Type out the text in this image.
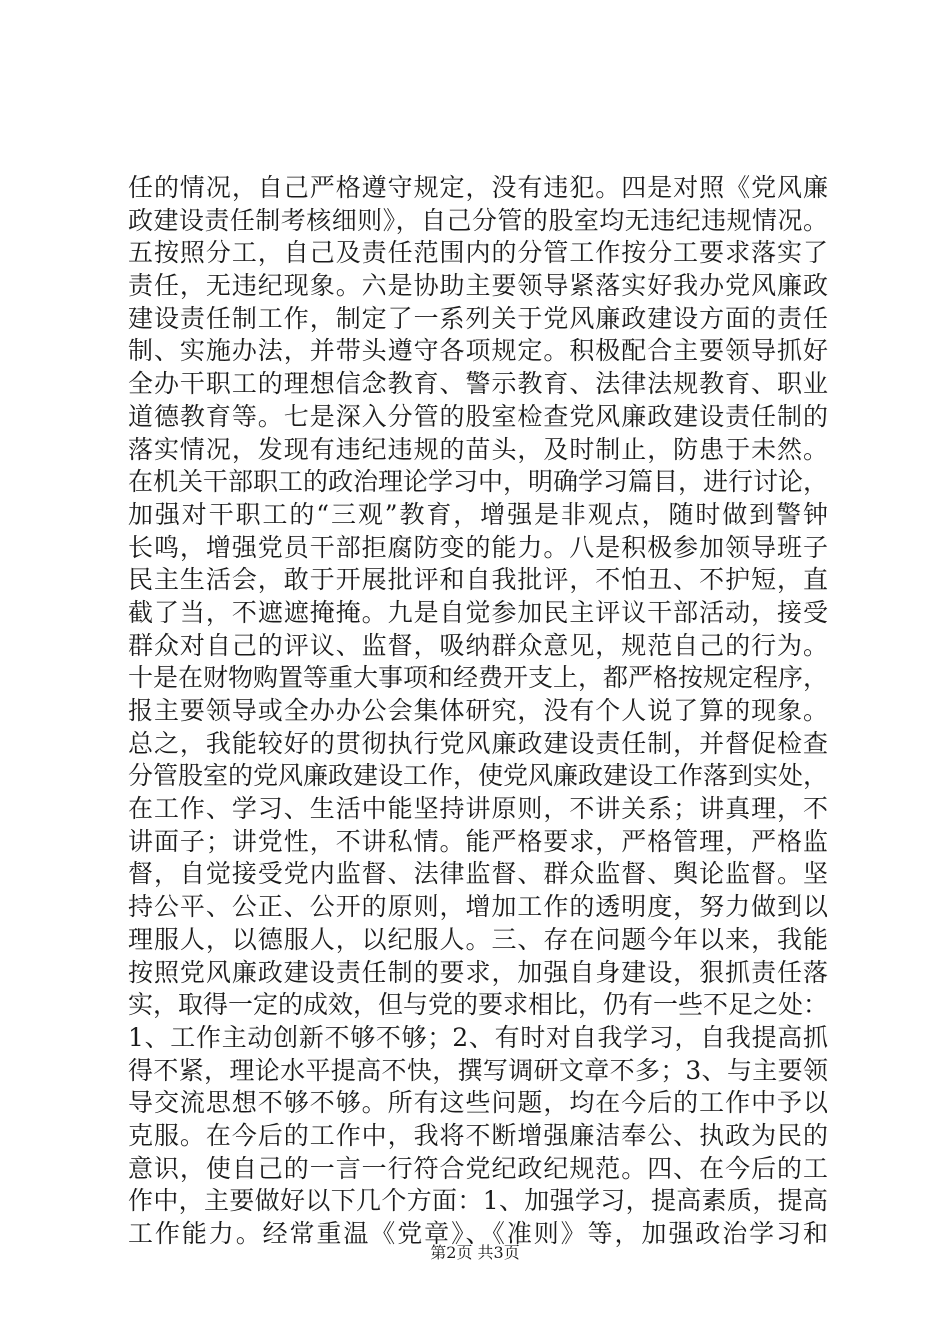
任的情况，自己严格遵守规定，没有违犯。四是对照《党风廉
政建设责任制考核细则》，自己分管的股室均无违纪违规情况。
五按照分工，自己及责任范围内的分管工作按分工要求落实了
责任，无违纪现象。六是协助主要领导紧落实好我办党风廉政
建设责任制工作，制定了一系列关于党风廉政建设方面的责任
制、实施办法，并带头遵守各项规定。积极配合主要领导抓好
全办干职工的理想信念教育、警示教育、法律法规教育、职业
道德教育等。七是深入分管的股室检查党风廉政建设责任制的
落实情况，发现有违纪违规的苗头，及时制止，防患于未然。
在机关干部职工的政治理论学习中，明确学习篇目，进行讨论，
加强对干职工的“三观”教育，增强是非观点，随时做到警钟
长鸣，增强党员干部拒腐防变的能力。八是积极参加领导班子
民主生活会，敢于开展批评和自我批评，不怕丑、不护短，直
截了当，不遮遮掩掩。九是自觉参加民主评议干部活动，接受
群众对自己的评议、监督，吸纳群众意见，规范自己的行为。
十是在财物购置等重大事项和经费开支上，都严格按规定程序，
报主要领导或全办办公会集体研究，没有个人说了算的现象。
总之，我能较好的贯彻执行党风廉政建设责任制，并督促检查
分管股室的党风廉政建设工作，使党风廉政建设工作落到实处，
在工作、学习、生活中能坚持讲原则，不讲关系；讲真理，不
讲面子；讲党性，不讲私情。能严格要求，严格管理，严格监
督，自觉接受党内监督、法律监督、群众监督、舆论监督。坚
持公平、公正、公开的原则，增加工作的透明度，努力做到以
理服人，以德服人，以纪服人。三、存在问题今年以来，我能
按照党风廉政建设责任制的要求，加强自身建设，狠抓责任落
实，取得一定的成效，但与党的要求相比，仍有一些不足之处：
1、工作主动创新不够不够；2、有时对自我学习，自我提高抓
得不紧，理论水平提高不快，撰写调研文章不多；3、与主要领
导交流思想不够不够。所有这些问题，均在今后的工作中予以
克服。在今后的工作中，我将不断增强廉洁奉公、执政为民的
意识，使自己的一言一行符合党纪政纪规范。四、在今后的工
作中，主要做好以下几个方面：1、加强学习，提高素质，提高
工作能力。经常重温《党章》、《准则》等，加强政治学习和
第2页 共3页
